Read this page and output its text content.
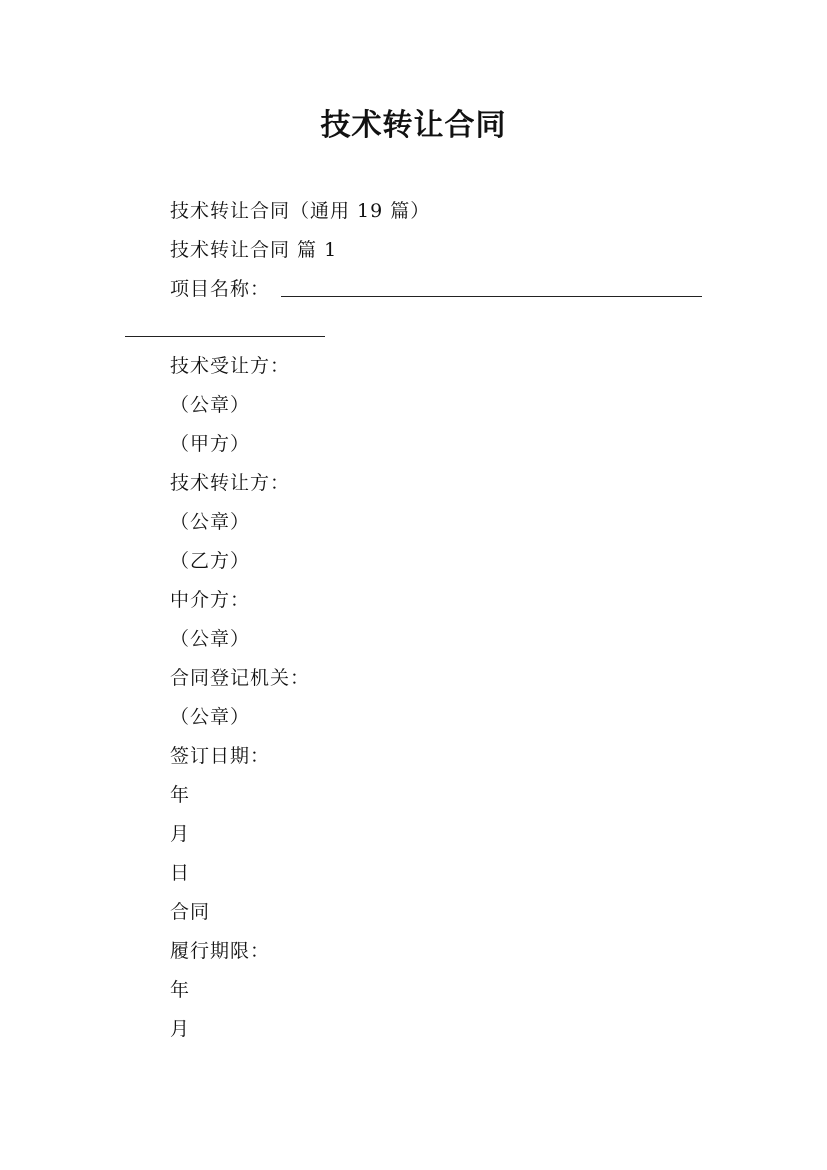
技术转让合同
技术转让合同（通用 19 篇）
技术转让合同 篇 1
项目名称：
技术受让方：
（公章）
（甲方）
技术转让方：
（公章）
（乙方）
中介方：
（公章）
合同登记机关：
（公章）
签订日期：
年
月
日
合同
履行期限：
年
月
